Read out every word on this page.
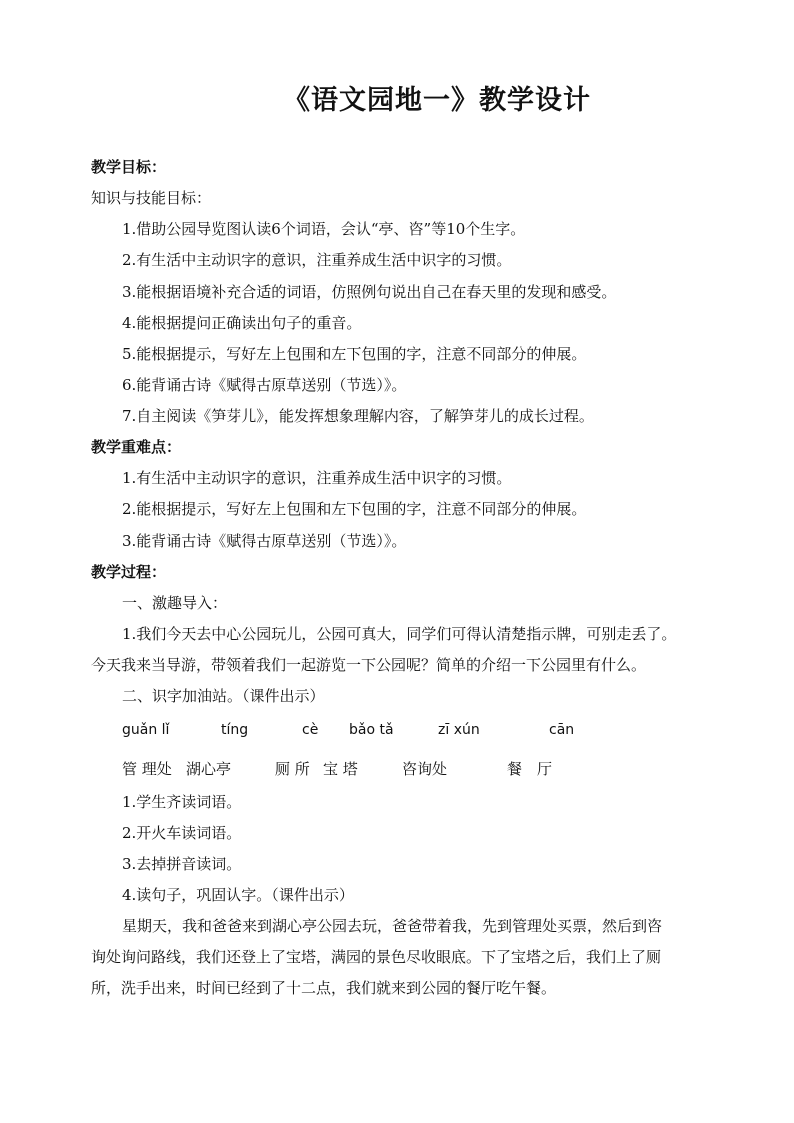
《语文园地一》教学设计
教学目标：
知识与技能目标：
1.借助公园导览图认读6个词语，会认“亭、咨”等10个生字。
2.有生活中主动识字的意识，注重养成生活中识字的习惯。
3.能根据语境补充合适的词语，仿照例句说出自己在春天里的发现和感受。
4.能根据提问正确读出句子的重音。
5.能根据提示，写好左上包围和左下包围的字，注意不同部分的伸展。
6.能背诵古诗《赋得古原草送别（节选）》。
7.自主阅读《笋芽儿》，能发挥想象理解内容，了解笋芽儿的成长过程。
教学重难点：
1.有生活中主动识字的意识，注重养成生活中识字的习惯。
2.能根据提示，写好左上包围和左下包围的字，注意不同部分的伸展。
3.能背诵古诗《赋得古原草送别（节选）》。
教学过程：
一、激趣导入：
1.我们今天去中心公园玩儿，公园可真大，同学们可得认清楚指示牌，可别走丢了。
今天我来当导游，带领着我们一起游览一下公园呢？简单的介绍一下公园里有什么。
二、识字加油站。（课件出示）
guǎn lǐ	tíng	cè bǎo tǎ	zī xún	cān
管 理处 湖心亭	厕 所 宝 塔	咨询处	餐　厅
1.学生齐读词语。
2.开火车读词语。
3.去掉拼音读词。
4.读句子，巩固认字。（课件出示）
星期天，我和爸爸来到湖心亭公园去玩，爸爸带着我，先到管理处买票，然后到咨
询处询问路线，我们还登上了宝塔，满园的景色尽收眼底。下了宝塔之后，我们上了厕
所，洗手出来，时间已经到了十二点，我们就来到公园的餐厅吃午餐。
